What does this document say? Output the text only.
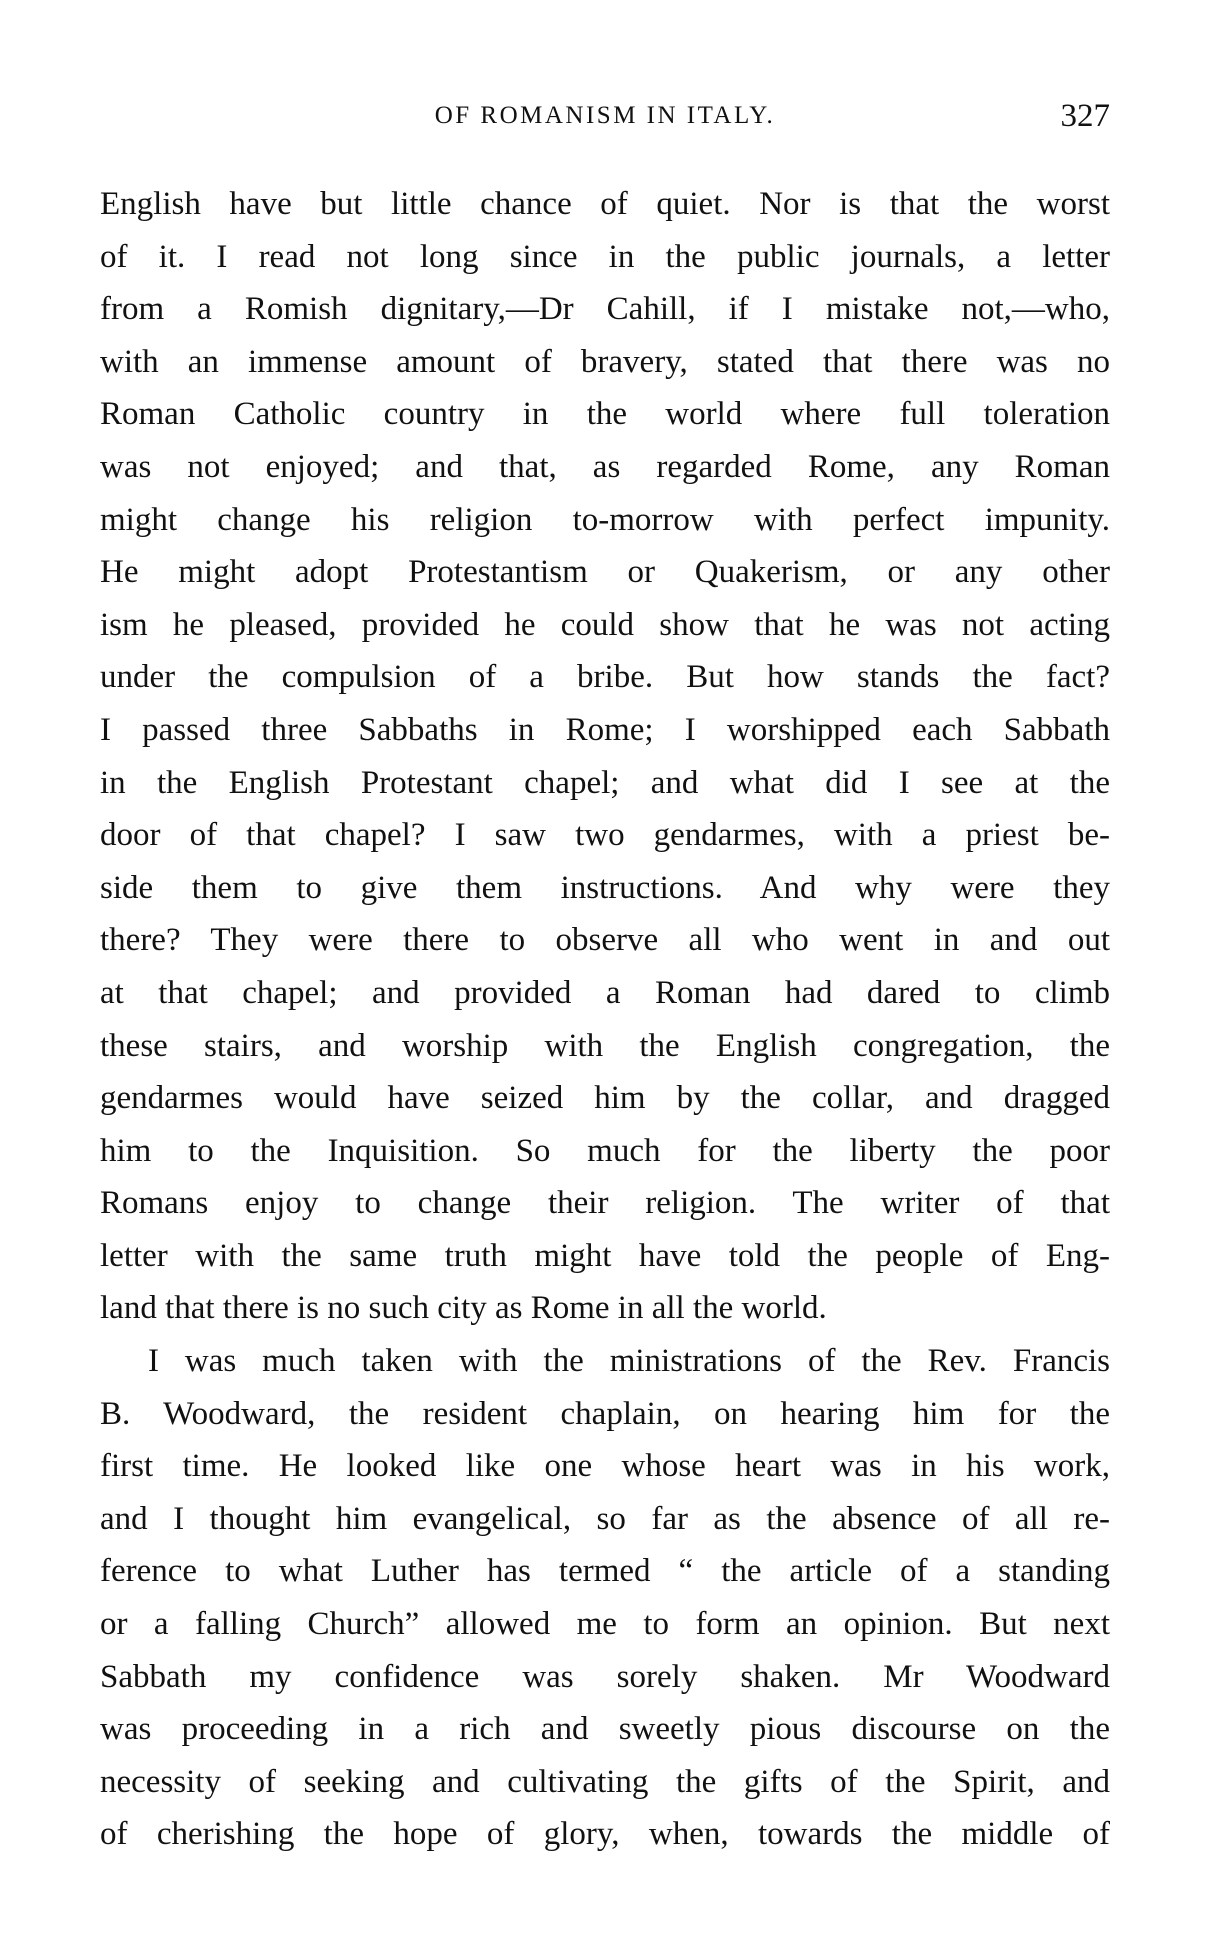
OF ROMANISM IN ITALY.	327
English have but little chance of quiet. Nor is that the worst
of it. I read not long since in the public journals, a letter
from a Romish dignitary,—Dr Cahill, if I mistake not,—who,
with an immense amount of bravery, stated that there was no
Roman Catholic country in the world where full toleration
was not enjoyed; and that, as regarded Rome, any Roman
might change his religion to-morrow with perfect impunity.
He might adopt Protestantism or Quakerism, or any other
ism he pleased, provided he could show that he was not acting
under the compulsion of a bribe. But how stands the fact?
I passed three Sabbaths in Rome; I worshipped each Sabbath
in the English Protestant chapel; and what did I see at the
door of that chapel? I saw two gendarmes, with a priest be-
side them to give them instructions. And why were they
there? They were there to observe all who went in and out
at that chapel; and provided a Roman had dared to climb
these stairs, and worship with the English congregation, the
gendarmes would have seized him by the collar, and dragged
him to the Inquisition. So much for the liberty the poor
Romans enjoy to change their religion. The writer of that
letter with the same truth might have told the people of Eng-
land that there is no such city as Rome in all the world.
I was much taken with the ministrations of the Rev. Francis
B. Woodward, the resident chaplain, on hearing him for the
first time. He looked like one whose heart was in his work,
and I thought him evangelical, so far as the absence of all re-
ference to what Luther has termed “ the article of a standing
or a falling Church” allowed me to form an opinion. But next
Sabbath my confidence was sorely shaken. Mr Woodward
was proceeding in a rich and sweetly pious discourse on the
necessity of seeking and cultivating the gifts of the Spirit, and
of cherishing the hope of glory, when, towards the middle of
